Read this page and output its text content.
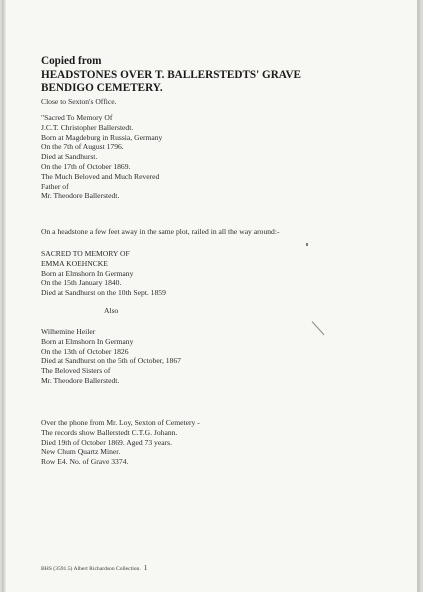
Copied from
HEADSTONES OVER T. BALLERSTEDTS' GRAVE
BENDIGO CEMETERY.
Close to Sexton's Office.
"Sacred To Memory Of
J.C.T. Christopher Ballerstedt.
Born at Magdeburg in Russia, Germany
On the 7th of August 1796.
Died at Sandhurst.
On the 17th of October 1869.
The Much Beloved and Much Revered
Father of
Mr. Theodore Ballerstedt.
On a headstone a few feet away in the same plot, railed in all the way around:-
SACRED TO MEMORY OF
EMMA KOEHNCKE
Born at Elmshorn In Germany
On the 15th January 1840.
Died at Sandhurst on the 10th Sept. 1859
Also
Wilhemine Heiler
Born at Elmshorn In Germany
On the 13th of October 1826
Died at Sandhurst on the 5th of October, 1867
The Beloved Sisters of
Mr. Theodore Ballerstedt.
Over the phone from Mr. Loy, Sexton of Cemetery -
The records show Ballerstedt C.T.G. Johann.
Died 19th of October 1869. Aged 73 years.
New Chum Quartz Miner.
Row E4. No. of Grave 3374.
BHS (3591.5) Albert Richardson Collection. 1
